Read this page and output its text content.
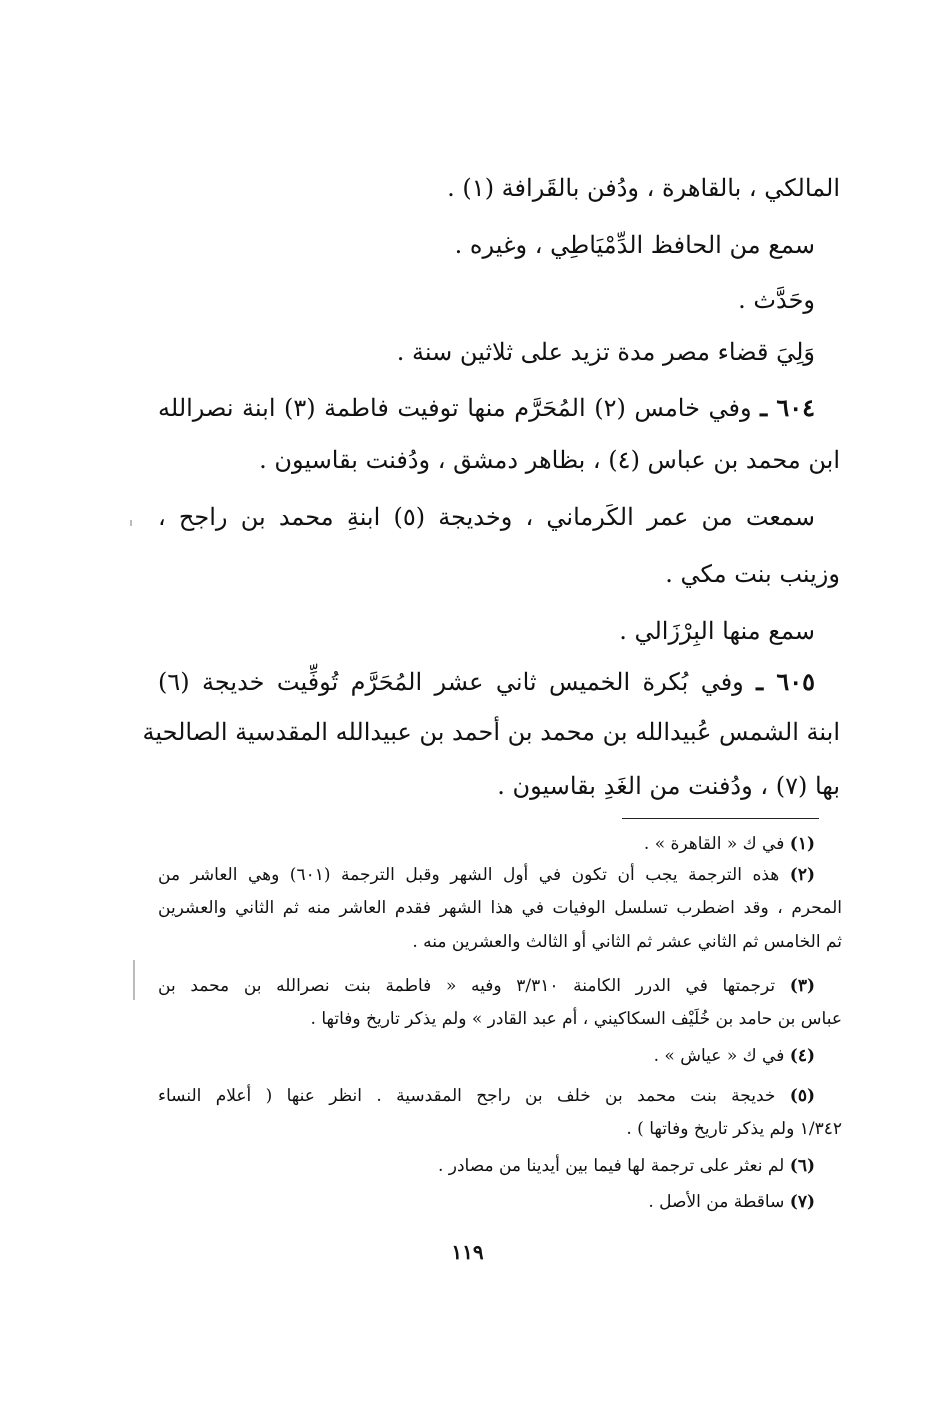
المالكي ، بالقاهرة ، ودُفن بالقَرافة (١) .
سمع من الحافظ الدِّمْيَاطِي ، وغيره .
وحَدَّث .
وَلِيَ قضاء مصر مدة تزيد على ثلاثين سنة .
٦٠٤ ـ وفي خامس (٢) المُحَرَّم منها توفيت فاطمة (٣) ابنة نصرالله
ابن محمد بن عباس (٤) ، بظاهر دمشق ، ودُفنت بقاسيون .
سمعت من عمر الكَرماني ، وخديجة (٥) ابنةِ محمد بن راجح ،
وزينب بنت مكي .
سمع منها البِرْزَالي .
٦٠٥ ـ وفي بُكرة الخميس ثاني عشر المُحَرَّم تُوفِّيت خديجة (٦)
ابنة الشمس عُبيدالله بن محمد بن أحمد بن عبيدالله المقدسية الصالحية
بها (٧) ، ودُفنت من الغَدِ بقاسيون .
(١) في ك « القاهرة » .
(٢) هذه الترجمة يجب أن تكون في أول الشهر وقبل الترجمة (٦٠١) وهي العاشر من
المحرم ، وقد اضطرب تسلسل الوفيات في هذا الشهر فقدم العاشر منه ثم الثاني والعشرين
ثم الخامس ثم الثاني عشر ثم الثاني أو الثالث والعشرين منه .
(٣) ترجمتها في الدرر الكامنة ٣/٣١٠ وفيه « فاطمة بنت نصرالله بن محمد بن
عباس بن حامد بن خُلَيْف السكاكيني ، أم عبد القادر » ولم يذكر تاريخ وفاتها .
(٤) في ك « عياش » .
(٥) خديجة بنت محمد بن خلف بن راجح المقدسية . انظر عنها ( أعلام النساء
١/٣٤٢ ولم يذكر تاريخ وفاتها ) .
(٦) لم نعثر على ترجمة لها فيما بين أيدينا من مصادر .
(٧) ساقطة من الأصل .
١١٩
